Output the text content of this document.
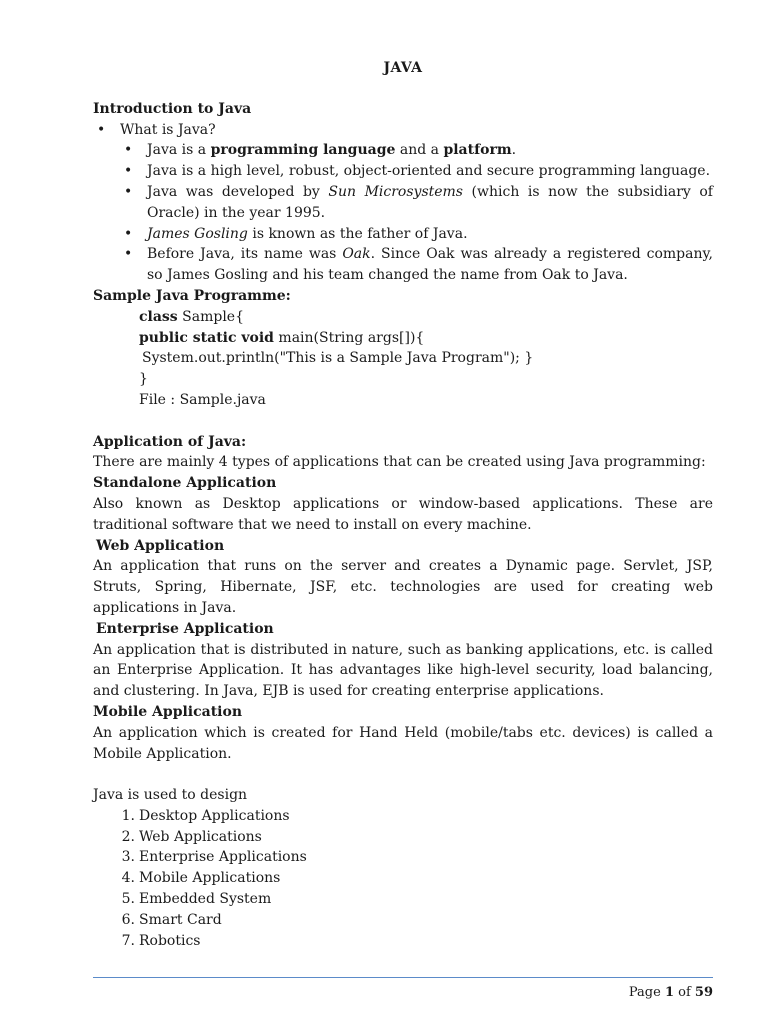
JAVA
Introduction to Java
• What is Java?
• Java is a programming language and a platform.
• Java is a high level, robust, object-oriented and secure programming language.
• Java was developed by Sun Microsystems (which is now the subsidiary of Oracle) in the year 1995.
• James Gosling is known as the father of Java.
• Before Java, its name was Oak. Since Oak was already a registered company, so James Gosling and his team changed the name from Oak to Java.
Sample Java Programme:
class Sample{
public static void main(String args[]){
System.out.println("This is a Sample Java Program"); }
}
File : Sample.java
Application of Java:
There are mainly 4 types of applications that can be created using Java programming:
Standalone Application
Also known as Desktop applications or window-based applications. These are traditional software that we need to install on every machine.
Web Application
An application that runs on the server and creates a Dynamic page. Servlet, JSP, Struts, Spring, Hibernate, JSF, etc. technologies are used for creating web applications in Java.
Enterprise Application
An application that is distributed in nature, such as banking applications, etc. is called an Enterprise Application. It has advantages like high-level security, load balancing, and clustering. In Java, EJB is used for creating enterprise applications.
Mobile Application
An application which is created for Hand Held (mobile/tabs etc. devices) is called a Mobile Application.
Java is used to design
1. Desktop Applications
2. Web Applications
3. Enterprise Applications
4. Mobile Applications
5. Embedded System
6. Smart Card
7. Robotics
Page 1 of 59
